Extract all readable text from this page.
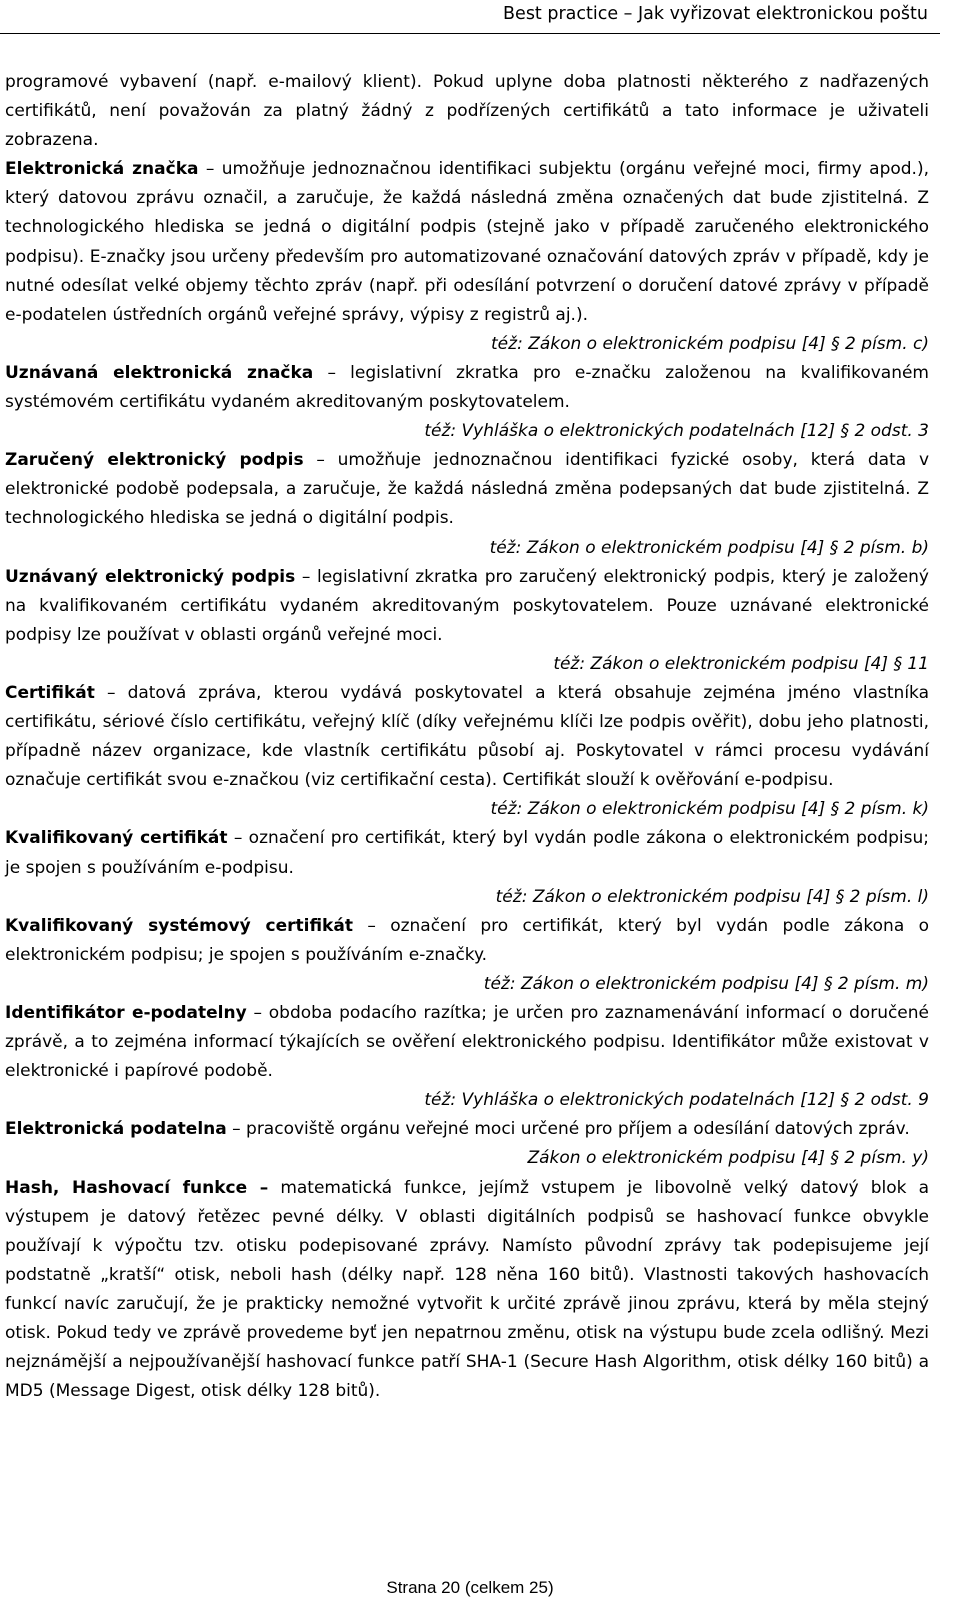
Best practice – Jak vyřizovat elektronickou poštu

programové vybavení (např. e-mailový klient). Pokud uplyne doba platnosti některého z nadřazených certifikátů, není považován za platný žádný z podřízených certifikátů a tato informace je uživateli zobrazena.

Elektronická značka – umožňuje jednoznačnou identifikaci subjektu (orgánu veřejné moci, firmy apod.), který datovou zprávu označil, a zaručuje, že každá následná změna označených dat bude zjistitelná. Z technologického hlediska se jedná o digitální podpis (stejně jako v případě zaručeného elektronického podpisu). E-značky jsou určeny především pro automatizované označování datových zpráv v případě, kdy je nutné odesílat velké objemy těchto zpráv (např. při odesílání potvrzení o doručení datové zprávy v případě e-podatelen ústředních orgánů veřejné správy, výpisy z registrů aj.).

též: Zákon o elektronickém podpisu [4] § 2 písm. c)

Uznávaná elektronická značka – legislativní zkratka pro e-značku založenou na kvalifikovaném systémovém certifikátu vydaném akreditovaným poskytovatelem.

též: Vyhláška o elektronických podatelnách [12] § 2 odst. 3

Zaručený elektronický podpis – umožňuje jednoznačnou identifikaci fyzické osoby, která data v elektronické podobě podepsala, a zaručuje, že každá následná změna podepsaných dat bude zjistitelná. Z technologického hlediska se jedná o digitální podpis.

též: Zákon o elektronickém podpisu [4] § 2 písm. b)

Uznávaný elektronický podpis – legislativní zkratka pro zaručený elektronický podpis, který je založený na kvalifikovaném certifikátu vydaném akreditovaným poskytovatelem. Pouze uznávané elektronické podpisy lze používat v oblasti orgánů veřejné moci.

též: Zákon o elektronickém podpisu [4] § 11

Certifikát – datová zpráva, kterou vydává poskytovatel a která obsahuje zejména jméno vlastníka certifikátu, sériové číslo certifikátu, veřejný klíč (díky veřejnému klíči lze podpis ověřit), dobu jeho platnosti, případně název organizace, kde vlastník certifikátu působí aj. Poskytovatel v rámci procesu vydávání označuje certifikát svou e-značkou (viz certifikační cesta). Certifikát slouží k ověřování e-podpisu.

též: Zákon o elektronickém podpisu [4] § 2 písm. k)

Kvalifikovaný certifikát – označení pro certifikát, který byl vydán podle zákona o elektronickém podpisu; je spojen s používáním e-podpisu.

též: Zákon o elektronickém podpisu [4] § 2 písm. l)

Kvalifikovaný systémový certifikát – označení pro certifikát, který byl vydán podle zákona o elektronickém podpisu; je spojen s používáním e-značky.

též: Zákon o elektronickém podpisu [4] § 2 písm. m)

Identifikátor e-podatelny – obdoba podacího razítka; je určen pro zaznamenávání informací o doručené zprávě, a to zejména informací týkajících se ověření elektronického podpisu. Identifikátor může existovat v elektronické i papírové podobě.

též: Vyhláška o elektronických podatelnách [12] § 2 odst. 9

Elektronická podatelna – pracoviště orgánu veřejné moci určené pro příjem a odesílání datových zpráv.

Zákon o elektronickém podpisu [4] § 2 písm. y)

Hash, Hashovací funkce – matematická funkce, jejímž vstupem je libovolně velký datový blok a výstupem je datový řetězec pevné délky. V oblasti digitálních podpisů se hashovací funkce obvykle používají k výpočtu tzv. otisku podepisované zprávy. Namísto původní zprávy tak podepisujeme její podstatně „kratší“ otisk, neboli hash (délky např. 128 něna 160 bitů). Vlastnosti takových hashovacích funkcí navíc zaručují, že je prakticky nemožné vytvořit k určité zprávě jinou zprávu, která by měla stejný otisk. Pokud tedy ve zprávě provedeme byť jen nepatrnou změnu, otisk na výstupu bude zcela odlišný. Mezi nejznámější a nejpoužívanější hashovací funkce patří SHA-1 (Secure Hash Algorithm, otisk délky 160 bitů) a MD5 (Message Digest, otisk délky 128 bitů).

Strana 20 (celkem 25)
